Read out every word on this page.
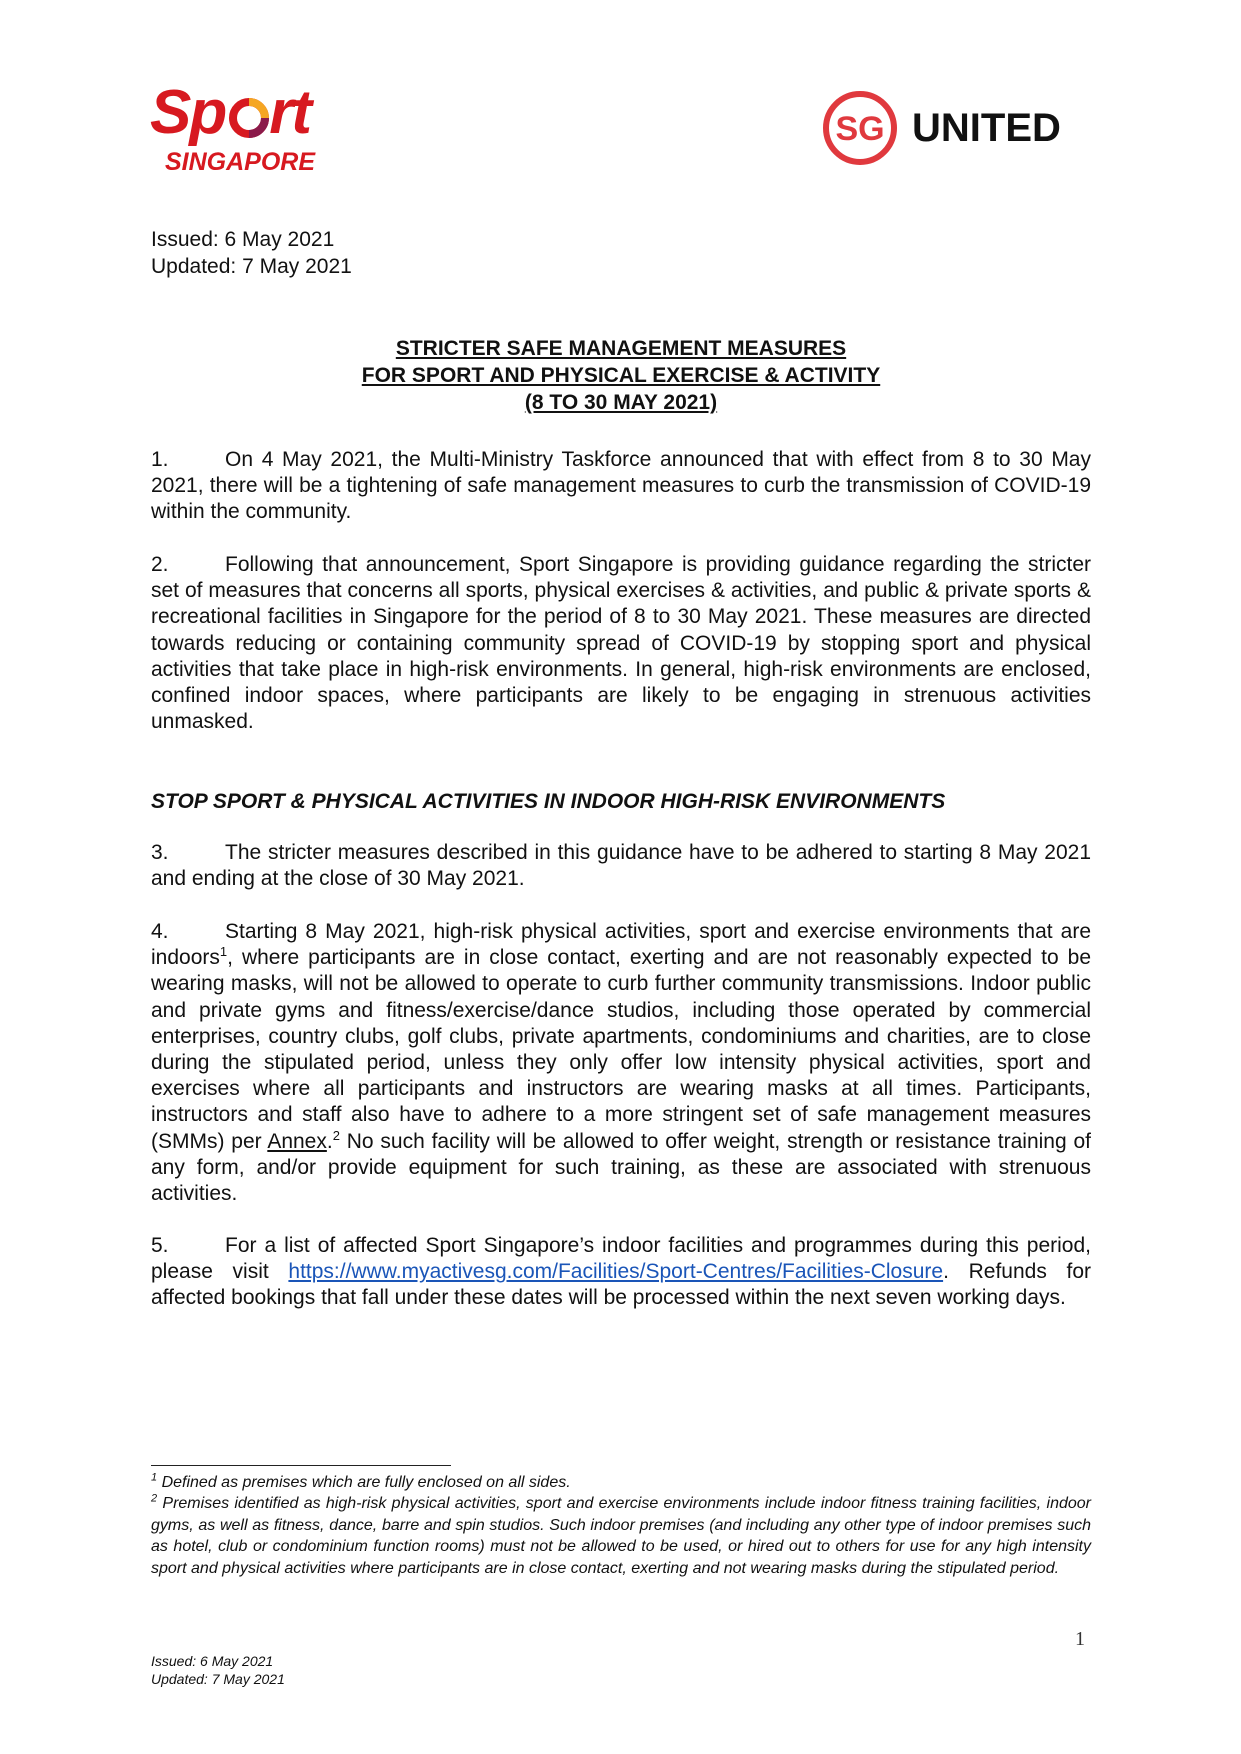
Sp rt
SINGAPORE
SG UNITED
Issued: 6 May 2021
Updated: 7 May 2021
STRICTER SAFE MANAGEMENT MEASURES
FOR SPORT AND PHYSICAL EXERCISE & ACTIVITY
(8 TO 30 MAY 2021)

1.	On 4 May 2021, the Multi-Ministry Taskforce announced that with effect from 8 to 30 May 2021, there will be a tightening of safe management measures to curb the transmission of COVID-19 within the community.

2.	Following that announcement, Sport Singapore is providing guidance regarding the stricter set of measures that concerns all sports, physical exercises & activities, and public & private sports & recreational facilities in Singapore for the period of 8 to 30 May 2021. These measures are directed towards reducing or containing community spread of COVID-19 by stopping sport and physical activities that take place in high-risk environments. In general, high-risk environments are enclosed, confined indoor spaces, where participants are likely to be engaging in strenuous activities unmasked.

STOP SPORT & PHYSICAL ACTIVITIES IN INDOOR HIGH-RISK ENVIRONMENTS

3.	The stricter measures described in this guidance have to be adhered to starting 8 May 2021 and ending at the close of 30 May 2021.

4.	Starting 8 May 2021, high-risk physical activities, sport and exercise environments that are indoors$^1$, where participants are in close contact, exerting and are not reasonably expected to be wearing masks, will not be allowed to operate to curb further community transmissions. Indoor public and private gyms and fitness/exercise/dance studios, including those operated by commercial enterprises, country clubs, golf clubs, private apartments, condominiums and charities, are to close during the stipulated period, unless they only offer low intensity physical activities, sport and exercises where all participants and instructors are wearing masks at all times. Participants, instructors and staff also have to adhere to a more stringent set of safe management measures (SMMs) per Annex.$^2$ No such facility will be allowed to offer weight, strength or resistance training of any form, and/or provide equipment for such training, as these are associated with strenuous activities.

5.	For a list of affected Sport Singapore’s indoor facilities and programmes during this period, please visit https://www.myactivesg.com/Facilities/Sport-Centres/Facilities-Closure. Refunds for affected bookings that fall under these dates will be processed within the next seven working days.

$^1$ Defined as premises which are fully enclosed on all sides.

$^2$ Premises identified as high-risk physical activities, sport and exercise environments include indoor fitness training facilities, indoor gyms, as well as fitness, dance, barre and spin studios. Such indoor premises (and including any other type of indoor premises such as hotel, club or condominium function rooms) must not be allowed to be used, or hired out to others for use for any high intensity sport and physical activities where participants are in close contact, exerting and not wearing masks during the stipulated period.

1
Issued: 6 May 2021
Updated: 7 May 2021
